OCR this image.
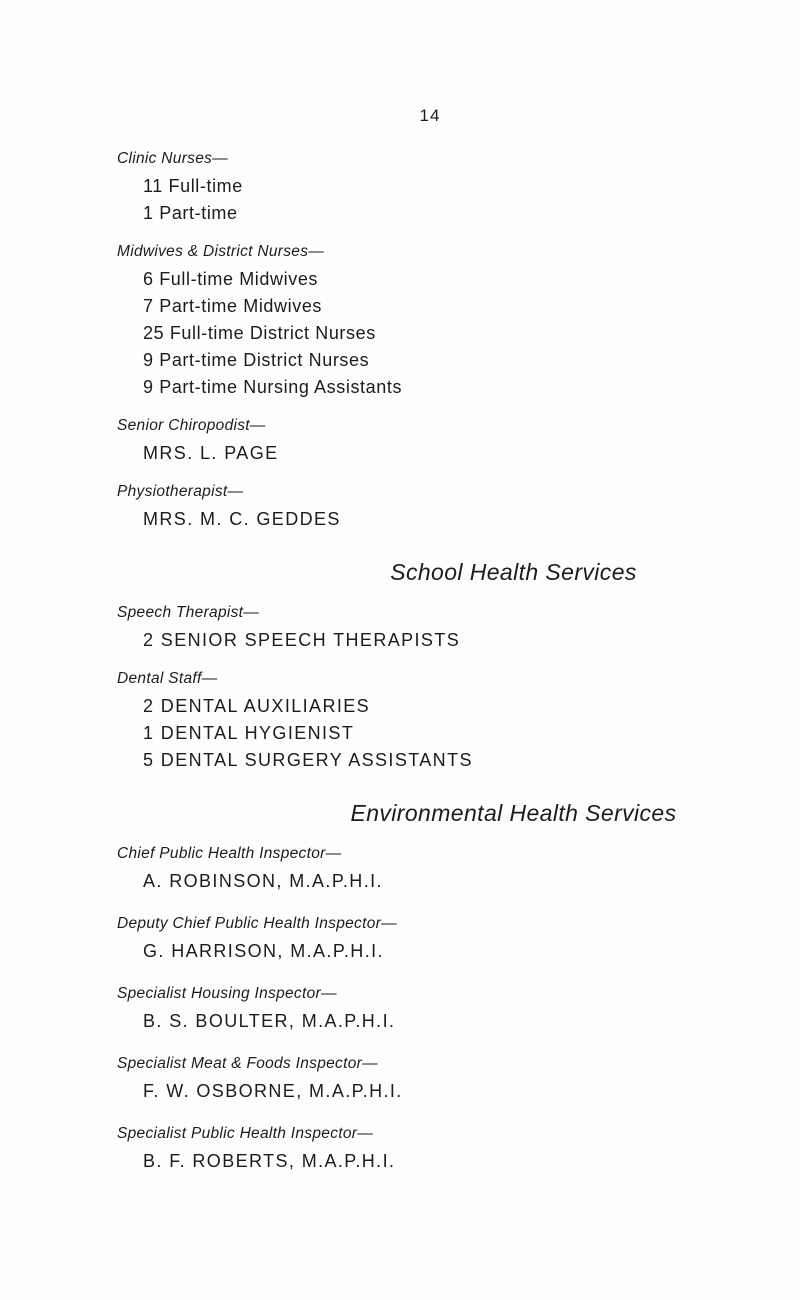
14
Clinic Nurses—
11 Full-time
1 Part-time
Midwives & District Nurses—
6 Full-time Midwives
7 Part-time Midwives
25 Full-time District Nurses
9 Part-time District Nurses
9 Part-time Nursing Assistants
Senior Chiropodist—
MRS. L. PAGE
Physiotherapist—
MRS. M. C. GEDDES
School Health Services
Speech Therapist—
2 SENIOR SPEECH THERAPISTS
Dental Staff—
2 DENTAL AUXILIARIES
1 DENTAL HYGIENIST
5 DENTAL SURGERY ASSISTANTS
Environmental Health Services
Chief Public Health Inspector—
A. ROBINSON, M.A.P.H.I.
Deputy Chief Public Health Inspector—
G. HARRISON, M.A.P.H.I.
Specialist Housing Inspector—
B. S. BOULTER, M.A.P.H.I.
Specialist Meat & Foods Inspector—
F. W. OSBORNE, M.A.P.H.I.
Specialist Public Health Inspector—
B. F. ROBERTS, M.A.P.H.I.
